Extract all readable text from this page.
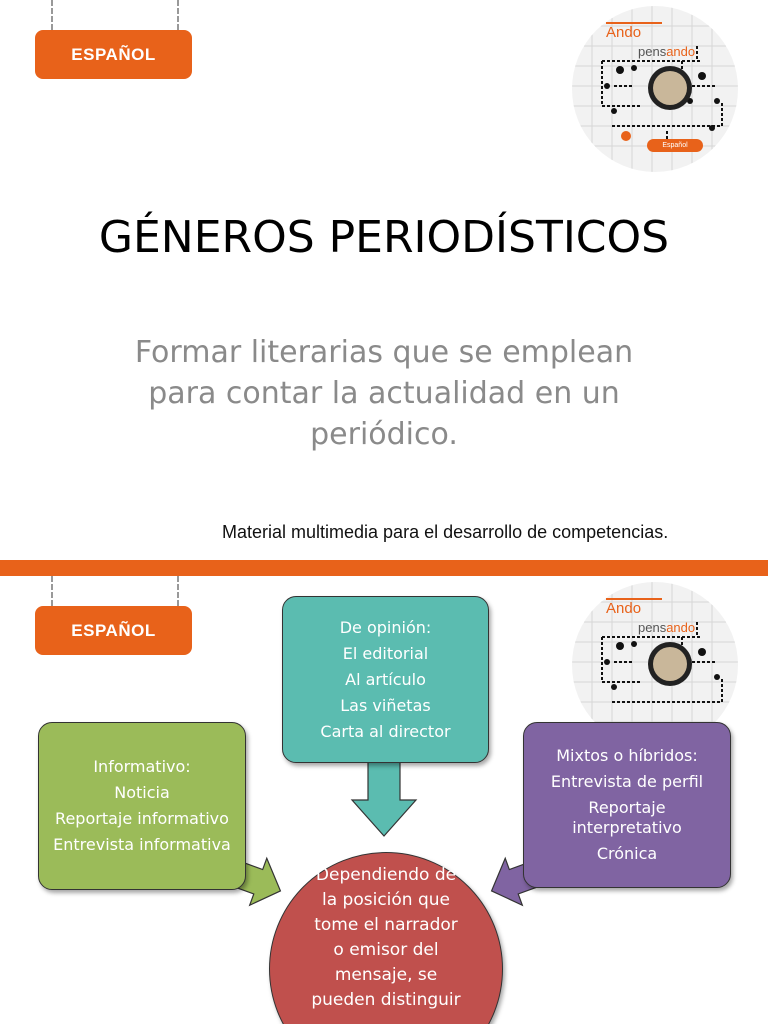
ESPAÑOL
Ando
pensando
Español
GÉNEROS PERIODÍSTICOS
Formar literarias que se emplean para contar la actualidad en un periódico.
Material multimedia para el desarrollo de competencias.
ESPAÑOL
Ando
pensando
De opinión:
El editorial
Al artículo
Las viñetas
Carta al director
Informativo:
Noticia
Reportaje informativo
Entrevista informativa
Mixtos o híbridos:
Entrevista de perfil
Reportaje interpretativo
Crónica
Dependiendo de
la posición que
tome el narrador
o emisor del
mensaje, se
pueden distinguir
